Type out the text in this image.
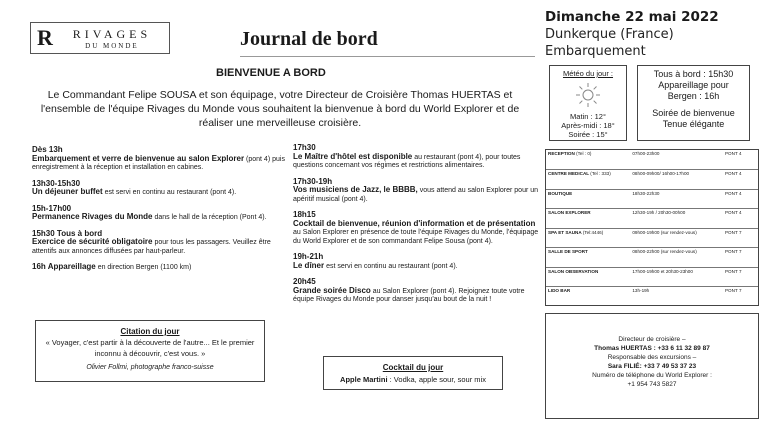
R RIVAGES
DU MONDE	Journal de bord
Dimanche 22 mai 2022
Dunkerque (France)
Embarquement
Météo du jour :
Matin : 12°
Après-midi : 18°
Soirée : 15°
Tous à bord : 15h30
Appareillage pour
Bergen : 16h
Soirée de bienvenue
Tenue élégante
BIENVENUE A BORD
Le Commandant Felipe SOUSA et son équipage, votre Directeur de Croisière Thomas HUERTAS et l'ensemble de l'équipe Rivages du Monde vous souhaitent la bienvenue à bord du World Explorer et de réaliser une merveilleuse croisière.
Dès 13h
Embarquement et verre de bienvenue au salon Explorer (pont 4) puis enregistrement à la réception et installation en cabines.
13h30-15h30
Un déjeuner buffet est servi en continu au restaurant (pont 4).
15h-17h00
Permanence Rivages du Monde dans le hall de la réception (Pont 4).
15h30 Tous à bord
Exercice de sécurité obligatoire pour tous les passagers. Veuillez être attentifs aux annonces diffusées par haut-parleur.
16h Appareillage en direction Bergen (1100 km)
17h30
Le Maître d'hôtel est disponible au restaurant (pont 4), pour toutes questions concernant vos régimes et restrictions alimentaires.
17h30-19h
Vos musiciens de Jazz, le BBBB, vous attend au salon Explorer pour un apéritif musical (pont 4).
18h15
Cocktail de bienvenue, réunion d'information et de présentation au Salon Explorer en présence de toute l'équipe Rivages du Monde, l'équipage du World Explorer et de son commandant Felipe Sousa (pont 4).
19h-21h
Le dîner est servi en continu au restaurant (pont 4).
20h45
Grande soirée Disco au Salon Explorer (pont 4). Rejoignez toute votre équipe Rivages du Monde pour danser jusqu'au bout de la nuit !
Citation du jour
« Voyager, c'est partir à la découverte de l'autre... Et le premier inconnu à découvrir, c'est vous. »
Olivier Follmi, photographe franco-suisse	Cocktail du jour
Apple Martini : Vodka, apple sour, sour mix
RECEPTION (Tel : 0)	07h00-23h00	PONT 4
CENTRE MEDICAL (Tel : 333)	08h00-09h00/ 16h00-17h00	PONT 4
BOUTIQUE	18h30-22h30	PONT 4
SALON EXPLORER	12h30-19h / 20h30-00h00	PONT 4
SPA ET SAUNA (Tel:4446)	09h00-19h00 (sur rendez-vous)	PONT 7
SALLE DE SPORT	08h00-22h00 (sur rendez-vous)	PONT 7
SALON OBSERVATION	17h00-19h00 et 20h30-23h00	PONT 7
LIDO BAR	13h-19h	PONT 7
Directeur de croisière –
Thomas HUERTAS : +33 6 11 32 89 87
Responsable des excursions –
Sara FILIÉ: +33 7 49 53 37 23
Numéro de téléphone du World Explorer :
+1 954 743 5827
